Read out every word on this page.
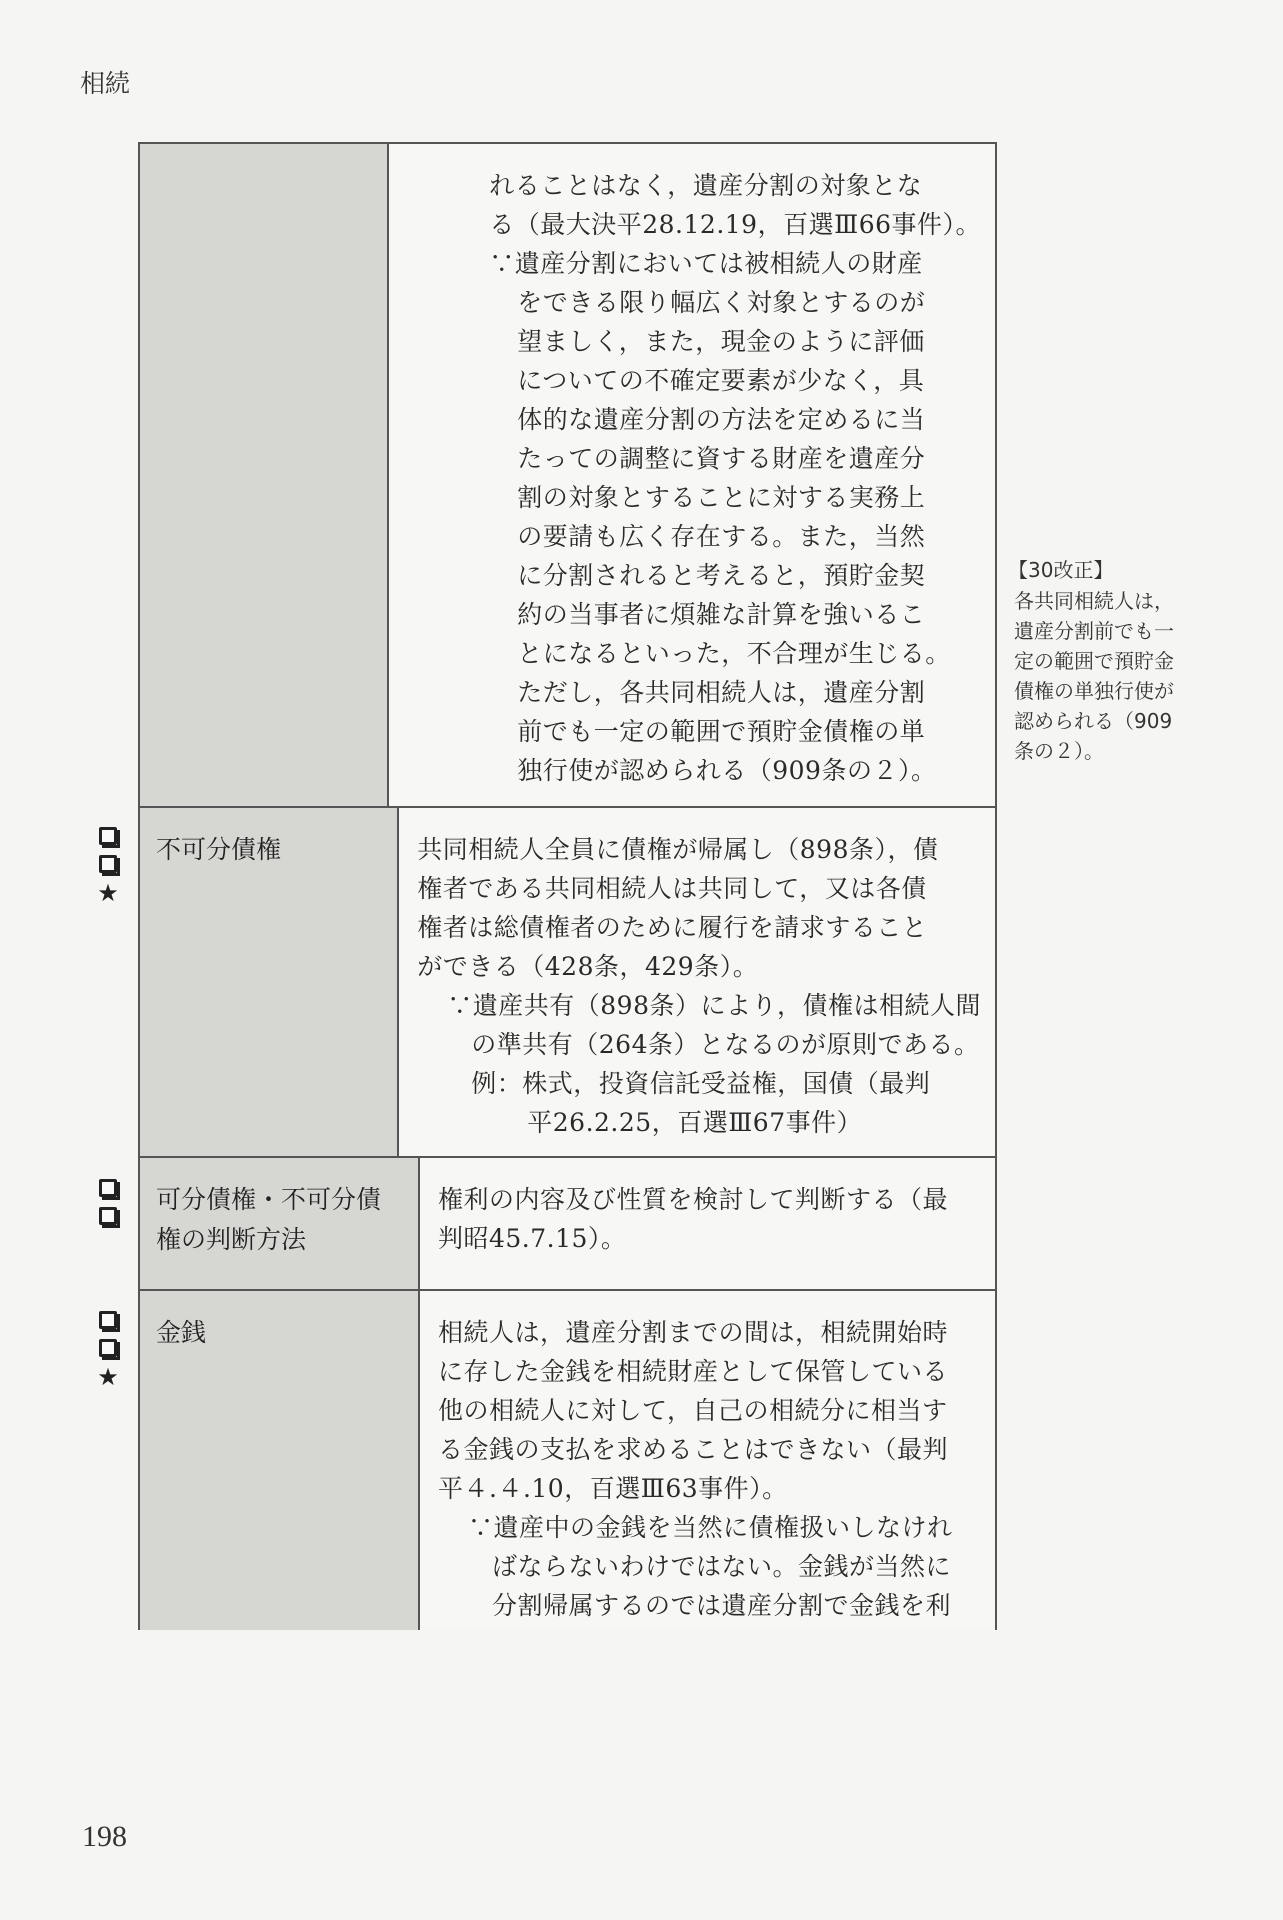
相続
れることはなく，遺産分割の対象とな
る（最大決平28.12.19，百選Ⅲ66事件）。
∵遺産分割においては被相続人の財産
をできる限り幅広く対象とするのが
望ましく，また，現金のように評価
についての不確定要素が少なく，具
体的な遺産分割の方法を定めるに当
たっての調整に資する財産を遺産分
割の対象とすることに対する実務上
の要請も広く存在する。また，当然
に分割されると考えると，預貯金契
約の当事者に煩雑な計算を強いるこ
とになるといった，不合理が生じる。
ただし，各共同相続人は，遺産分割
前でも一定の範囲で預貯金債権の単
独行使が認められる（909条の２）。
不可分債権	共同相続人全員に債権が帰属し（898条），債
権者である共同相続人は共同して，又は各債
権者は総債権者のために履行を請求すること
ができる（428条，429条）。
∵遺産共有（898条）により，債権は相続人間
の準共有（264条）となるのが原則である。
例：株式，投資信託受益権，国債（最判
平26.2.25，百選Ⅲ67事件）
可分債権・不可分債
権の判断方法
権利の内容及び性質を検討して判断する（最
判昭45.7.15）。
金銭	相続人は，遺産分割までの間は，相続開始時
に存した金銭を相続財産として保管している
他の相続人に対して，自己の相続分に相当す
る金銭の支払を求めることはできない（最判
平４.４.10，百選Ⅲ63事件）。
∵遺産中の金銭を当然に債権扱いしなけれ
ばならないわけではない。金銭が当然に
分割帰属するのでは遺産分割で金銭を利
★
★
【30改正】
各共同相続人は，
遺産分割前でも一
定の範囲で預貯金
債権の単独行使が
認められる（909
条の２）。
198
